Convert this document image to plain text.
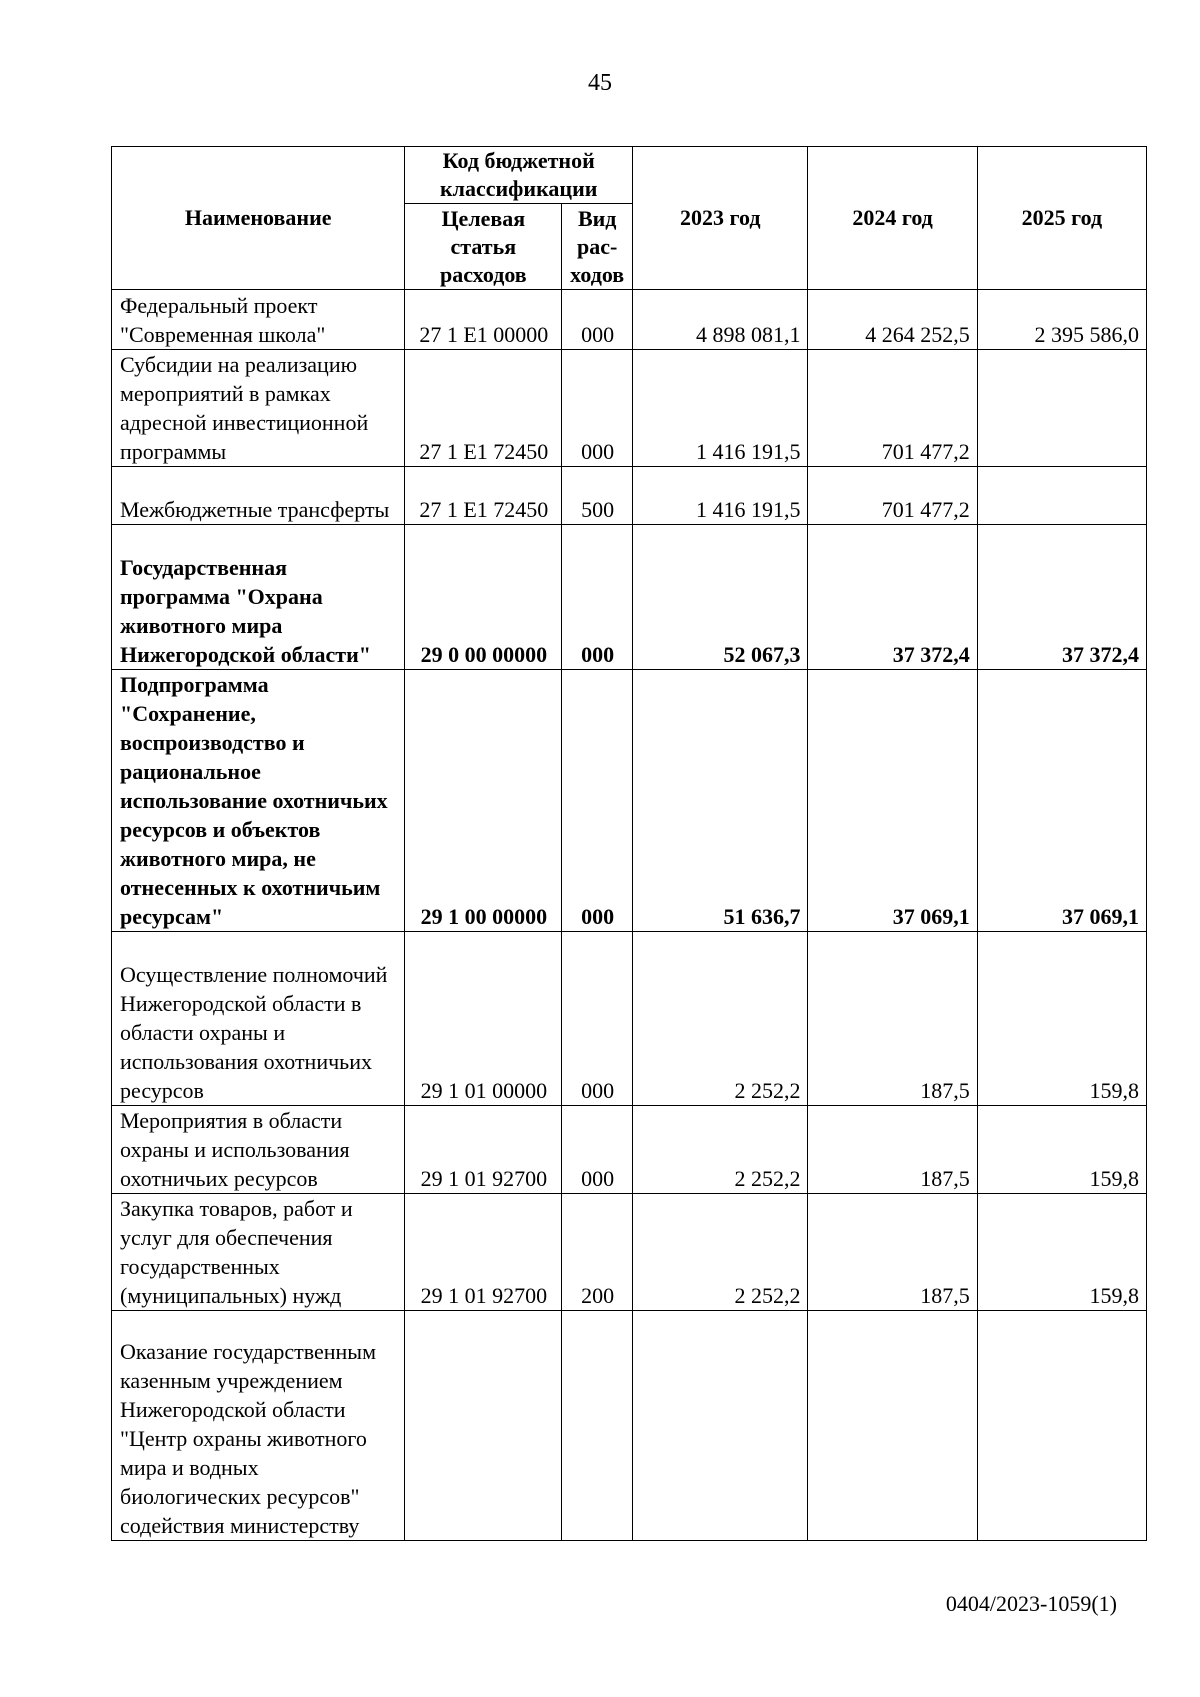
45
Наименование	Код бюджетной классификации		2023 год	2024 год	2025 год
	Целевая статья расходов	Вид рас-ходов			
Федеральный проект "Современная школа"	27 1 E1 00000	000	4 898 081,1	4 264 252,5	2 395 586,0
Субсидии на реализацию мероприятий в рамках адресной инвестиционной программы	27 1 E1 72450	000	1 416 191,5	701 477,2	
Межбюджетные трансферты	27 1 E1 72450	500	1 416 191,5	701 477,2	
Государственная программа "Охрана животного мира Нижегородской области"	29 0 00 00000	000	52 067,3	37 372,4	37 372,4
Подпрограмма "Сохранение, воспроизводство и рациональное использование охотничьих ресурсов и объектов животного мира, не отнесенных к охотничьим ресурсам"	29 1 00 00000	000	51 636,7	37 069,1	37 069,1
Осуществление полномочий Нижегородской области в области охраны и использования охотничьих ресурсов	29 1 01 00000	000	2 252,2	187,5	159,8
Мероприятия в области охраны и использования охотничьих ресурсов	29 1 01 92700	000	2 252,2	187,5	159,8
Закупка товаров, работ и услуг для обеспечения государственных (муниципальных) нужд	29 1 01 92700	200	2 252,2	187,5	159,8
Оказание государственным казенным учреждением Нижегородской области "Центр охраны животного мира и водных биологических ресурсов" содействия министерству					
0404/2023-1059(1)
